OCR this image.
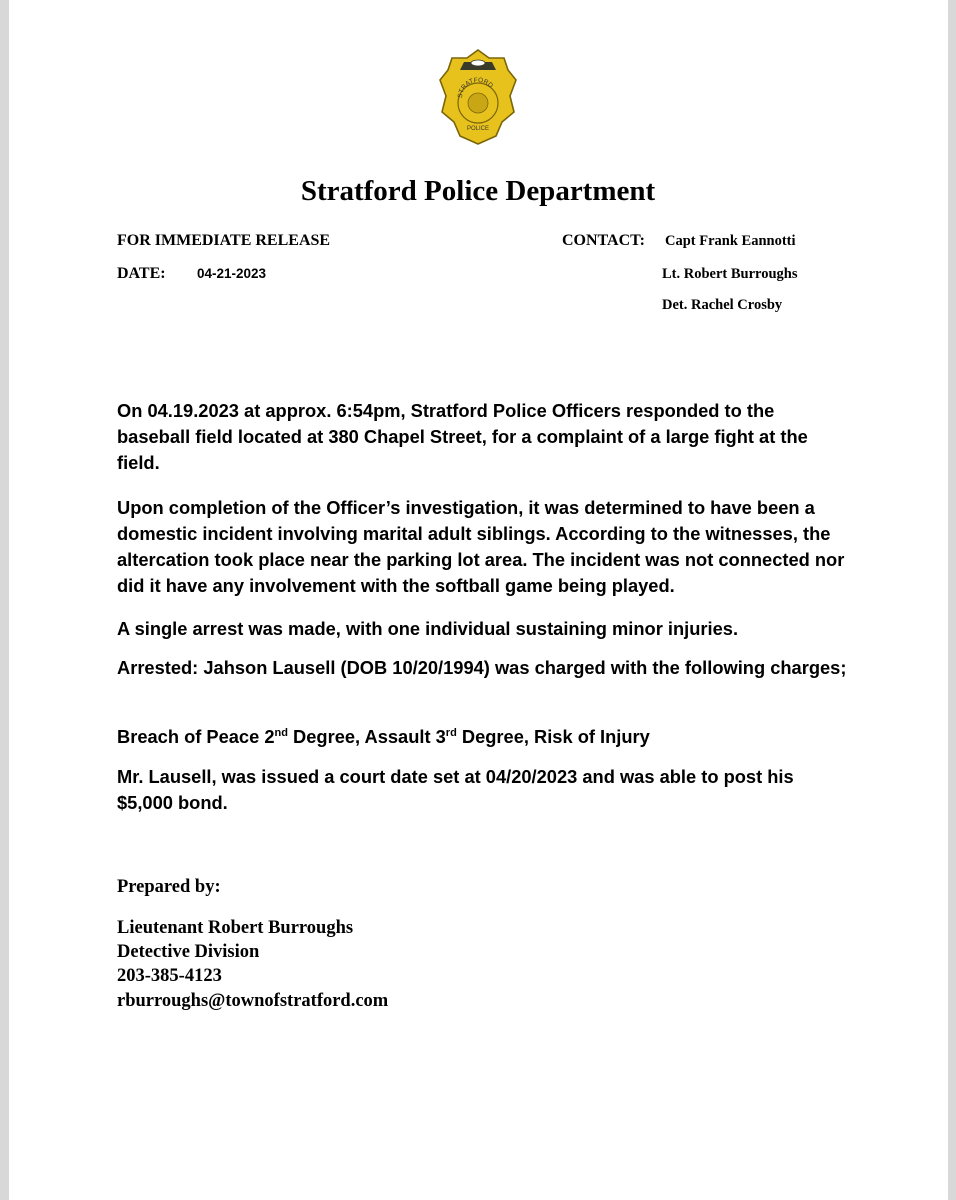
STRATFORD
POLICE
Stratford Police Department
FOR IMMEDIATE RELEASE
DATE: 04-21-2023
CONTACT: Capt Frank Eannotti
Lt. Robert Burroughs
Det. Rachel Crosby

On 04.19.2023 at approx. 6:54pm, Stratford Police Officers responded to the baseball field located at 380 Chapel Street, for a complaint of a large fight at the field.

Upon completion of the Officer’s investigation, it was determined to have been a domestic incident involving marital adult siblings. According to the witnesses, the altercation took place near the parking lot area. The incident was not connected nor did it have any involvement with the softball game being played.

A single arrest was made, with one individual sustaining minor injuries.

Arrested: Jahson Lausell (DOB 10/20/1994) was charged with the following charges;

Breach of Peace 2nd Degree, Assault 3rd Degree, Risk of Injury

Mr. Lausell, was issued a court date set at 04/20/2023 and was able to post his $5,000 bond.

Prepared by:
Lieutenant Robert Burroughs
Detective Division
203-385-4123
rburroughs@townofstratford.com
